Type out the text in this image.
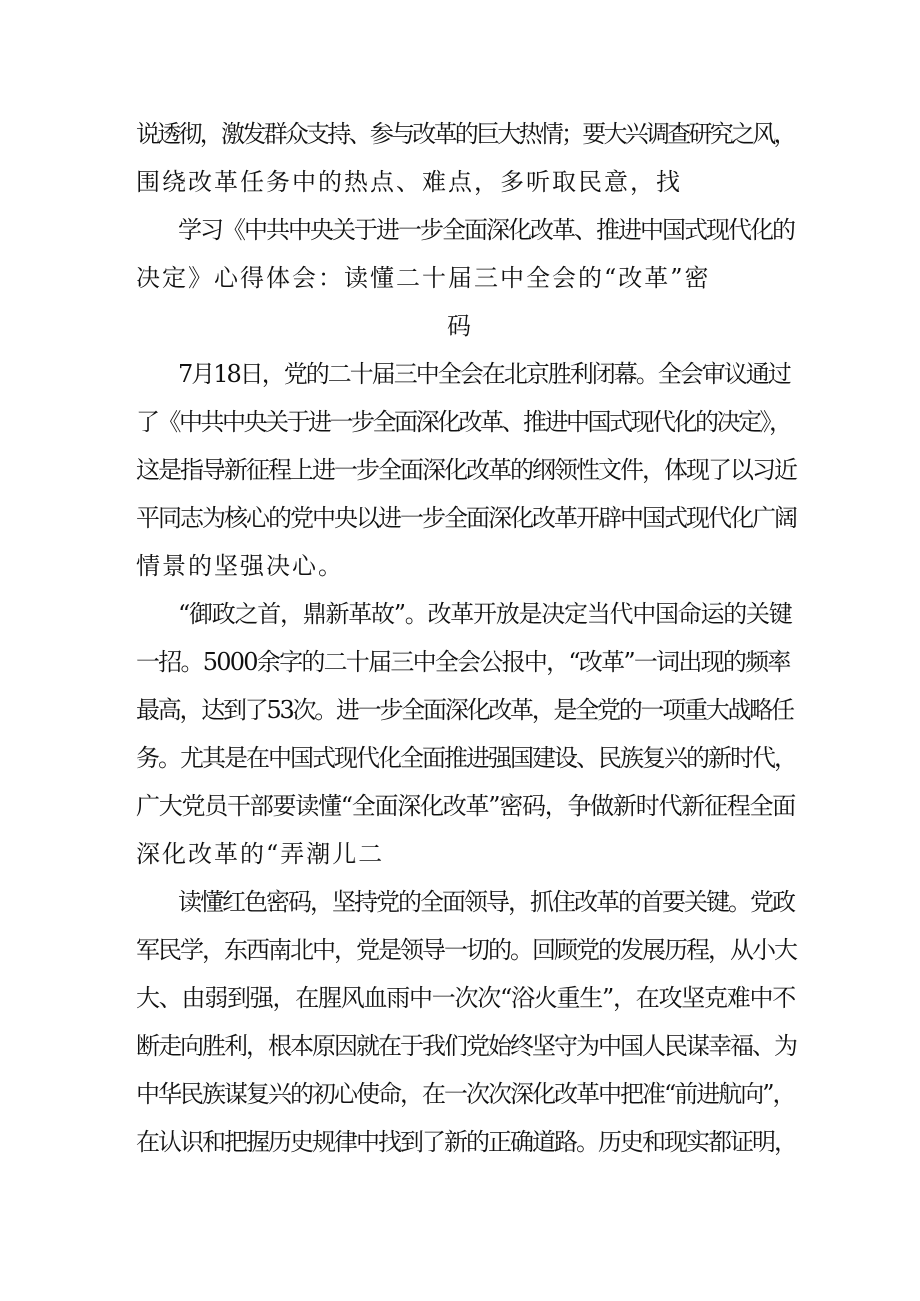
说透彻，激发群众支持、参与改革的巨大热情；要大兴调查研究之风，
围绕改革任务中的热点、难点，多听取民意，找
学习《中共中央关于进一步全面深化改革、推进中国式现代化的
决定》心得体会：读懂二十届三中全会的“改革”密
码
7月18日，党的二十届三中全会在北京胜利闭幕。全会审议通过
了《中共中央关于进一步全面深化改革、推进中国式现代化的决定》，
这是指导新征程上进一步全面深化改革的纲领性文件，体现了以习近
平同志为核心的党中央以进一步全面深化改革开辟中国式现代化广阔
情景的坚强决心。
“御政之首，鼎新革故”。改革开放是决定当代中国命运的关键
一招。5000余字的二十届三中全会公报中，“改革”一词出现的频率
最高，达到了53次。进一步全面深化改革，是全党的一项重大战略任
务。尤其是在中国式现代化全面推进强国建设、民族复兴的新时代，
广大党员干部要读懂“全面深化改革”密码，争做新时代新征程全面
深化改革的“弄潮儿二
读懂红色密码，坚持党的全面领导，抓住改革的首要关键。党政
军民学，东西南北中，党是领导一切的。回顾党的发展历程，从小大
大、由弱到强，在腥风血雨中一次次“浴火重生”，在攻坚克难中不
断走向胜利，根本原因就在于我们党始终坚守为中国人民谋幸福、为
中华民族谋复兴的初心使命，在一次次深化改革中把准“前进航向”，
在认识和把握历史规律中找到了新的正确道路。历史和现实都证明，
